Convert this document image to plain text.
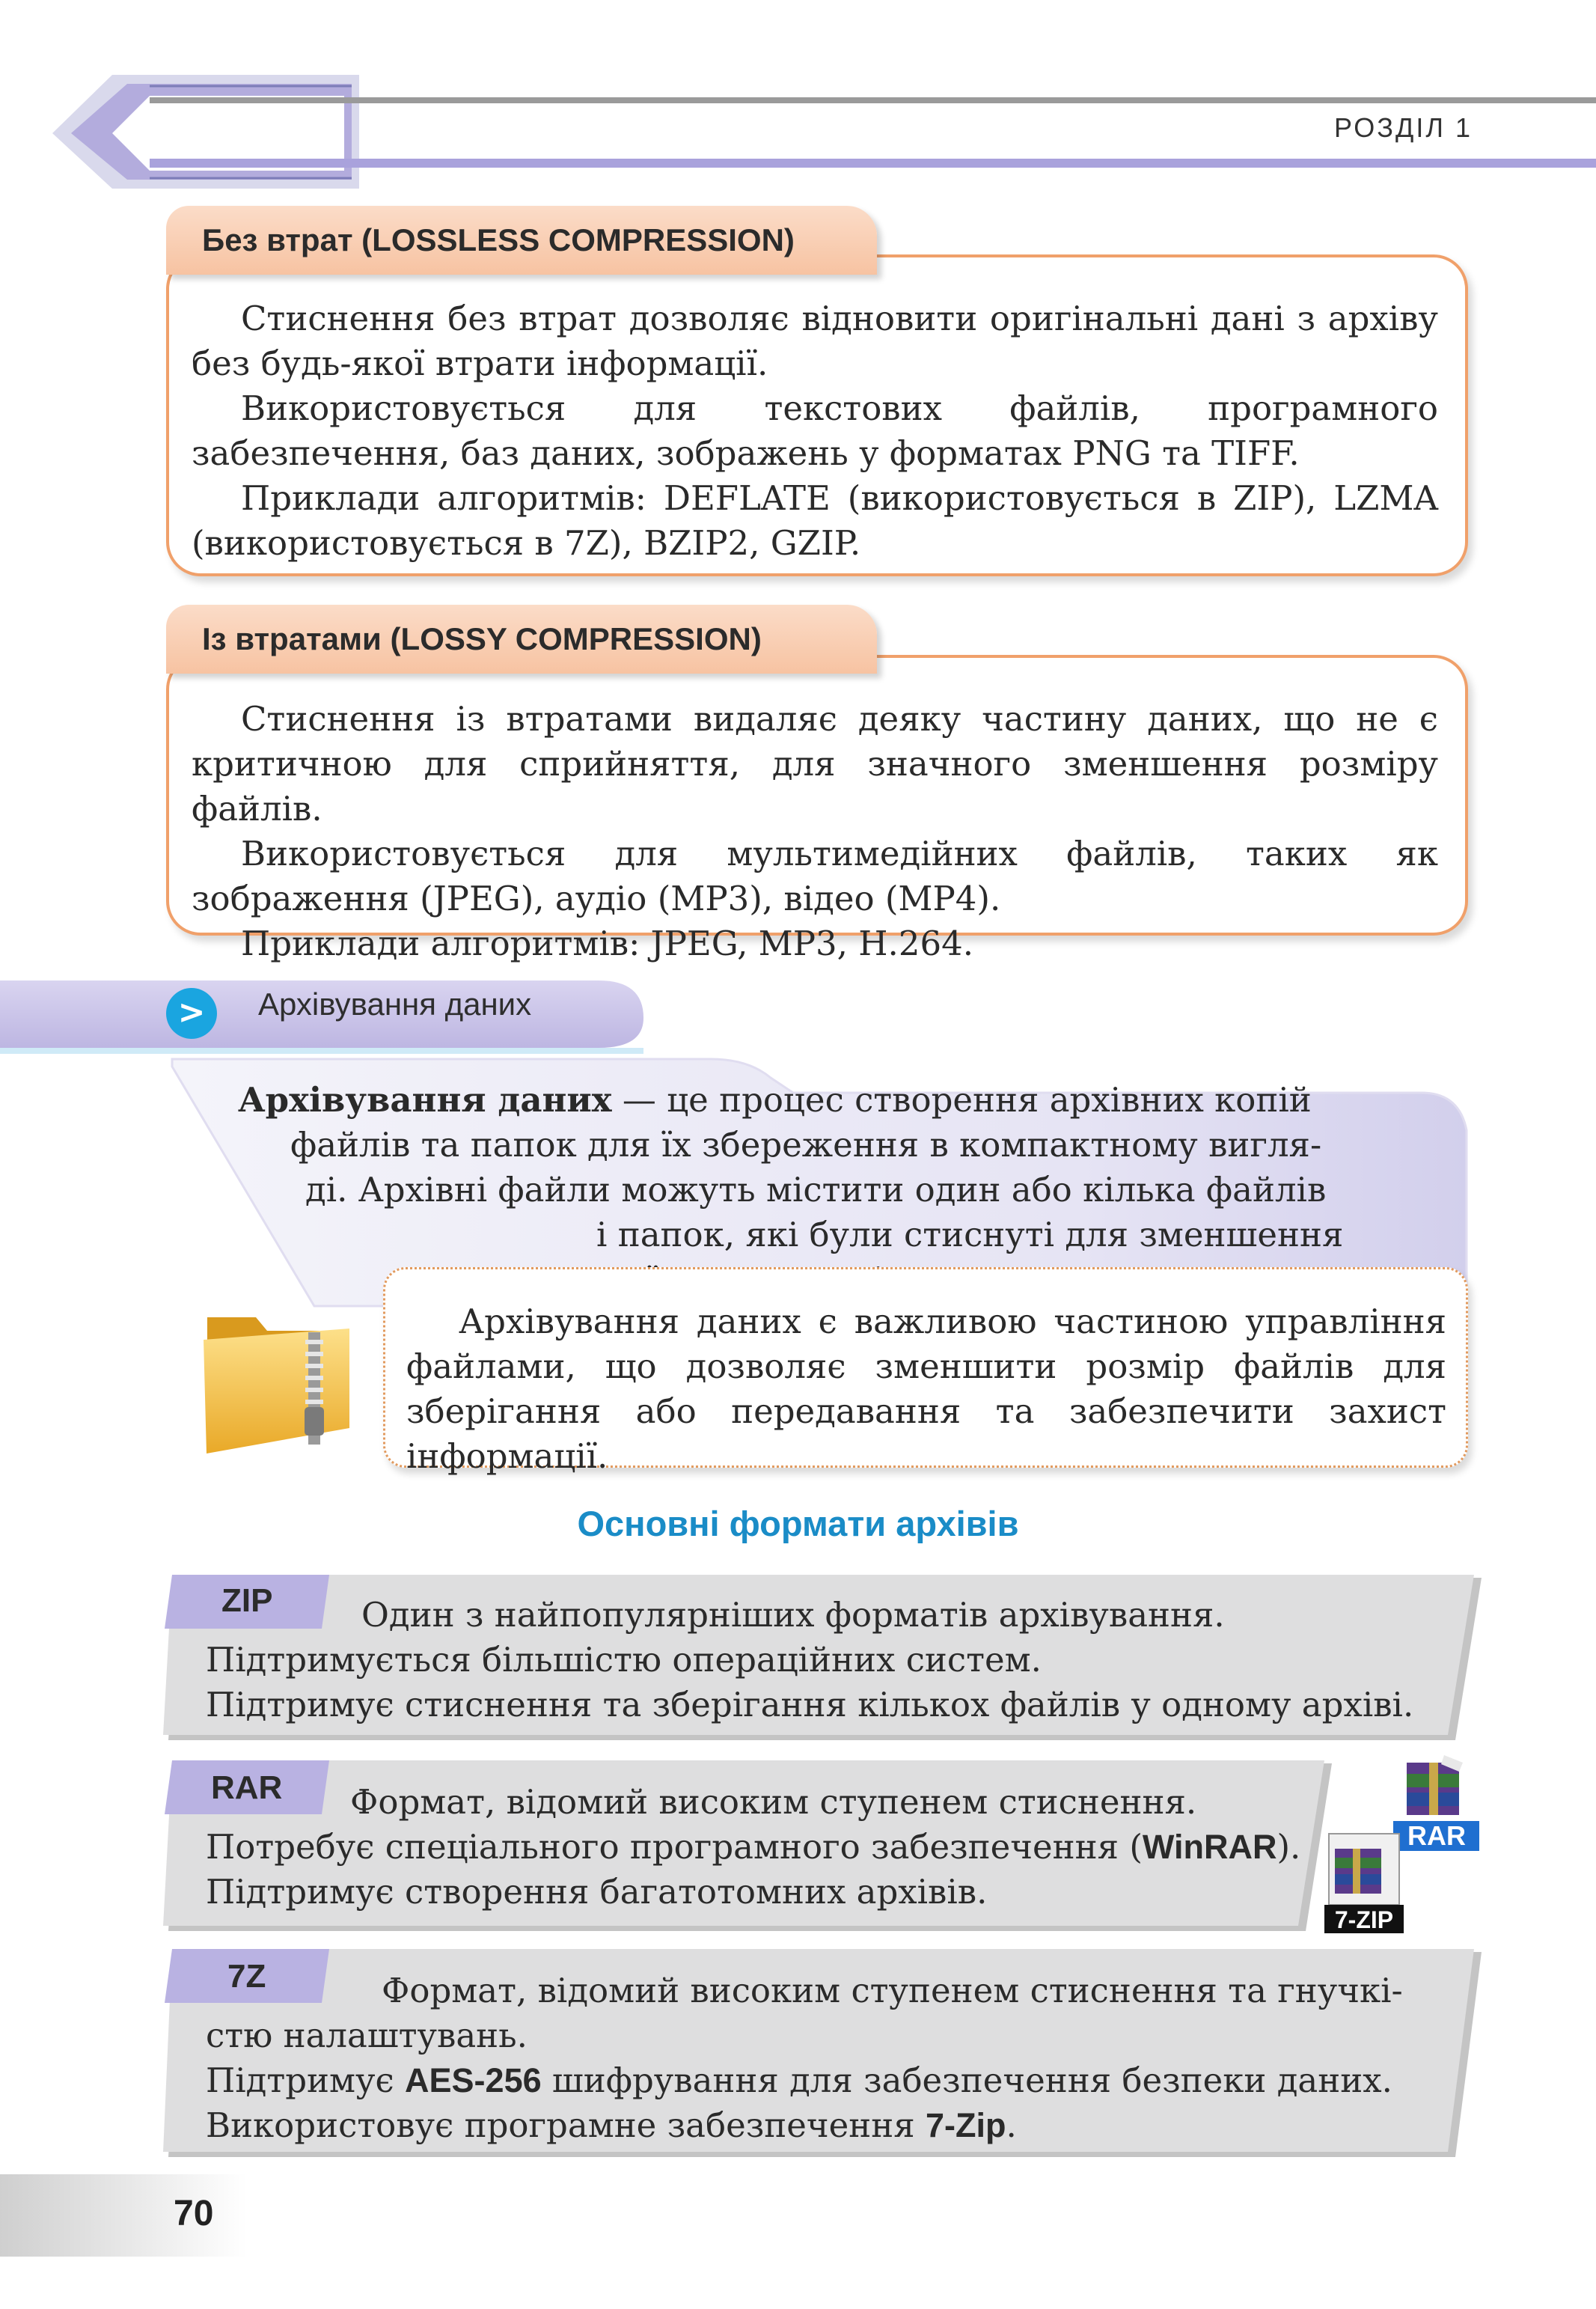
РОЗДІЛ 1

Стиснення без втрат дозволяє відновити оригінальні дані з архіву без будь-якої втрати інформації.

Використовується для текстових файлів, програмного забезпечення, баз даних, зображень у форматах PNG та TIFF.

Приклади алгоритмів: DEFLATE (використовується в ZIP), LZMA (використовується в 7Z), BZIP2, GZIP.

Без втрат (LOSSLESS COMPRESSION)

Стиснення із втратами видаляє деяку частину даних, що не є критичною для сприйняття, для значного зменшення розміру файлів.

Використовується для мультимедійних файлів, таких як зображення (JPEG), аудіо (MP3), відео (MP4).

Приклади алгоритмів: JPEG, MP3, H.264.

Із втратами (LOSSY COMPRESSION)
>	Архівування даних
Архівування даних — це процес створення архівних копій
файлів та папок для їх збереження в компактному вигля-
ді. Архівні файли можуть містити один або кілька файлів
і папок, які були стиснуті для зменшення

Архівування даних є важливою частиною управління файлами, що дозволяє зменшити розмір файлів для зберігання або передавання та забезпечити захист інформації.

Основні формати архівів
ZIP	Один з найпопулярніших форматів архівування.
Підтримується більшістю операційних систем.
Підтримує стиснення та зберігання кількох файлів у одному архіві.
RAR Формат, відомий високим ступенем стиснення.
Потребує спеціального програмного забезпечення (WinRAR).
Підтримує створення багатотомних архівів.
RAR
7-ZIP
7Z	Формат, відомий високим ступенем стиснення та гнучкі-
стю налаштувань.
Підтримує AES-256 шифрування для забезпечення безпеки даних.
Використовує програмне забезпечення 7-Zip.
70
